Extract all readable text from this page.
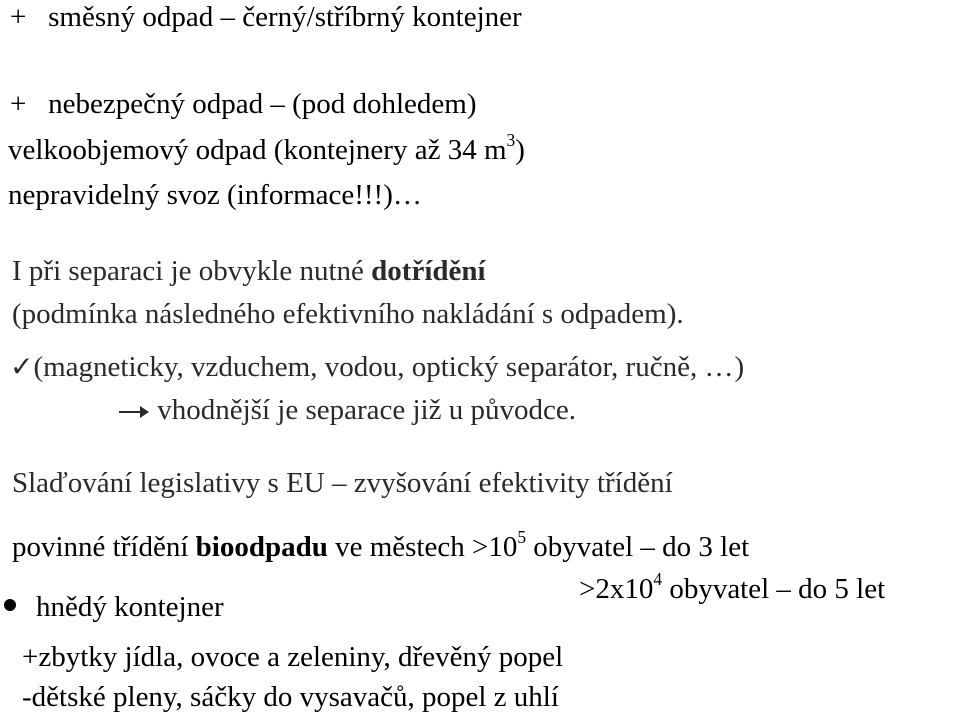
+ směsný odpad – černý/stříbrný kontejner
+ nebezpečný odpad – (pod dohledem)
velkoobjemový odpad (kontejnery až 34 $m^3$)
nepravidelný svoz (informace!!!)…
I při separaci je obvykle nutné dotřídění
(podmínka následného efektivního nakládání s odpadem).
✓(magneticky, vzduchem, vodou, optický separátor, ručně, …)
vhodnější je separace již u původce.
Slaďování legislativy s EU – zvyšování efektivity třídění
povinné třídění bioodpadu ve městech $>10^5$ obyvatel – do 3 let
$>2x10^4$ obyvatel – do 5 let
hnědý kontejner
+zbytky jídla, ovoce a zeleniny, dřevěný popel
-dětské pleny, sáčky do vysavačů, popel z uhlí
